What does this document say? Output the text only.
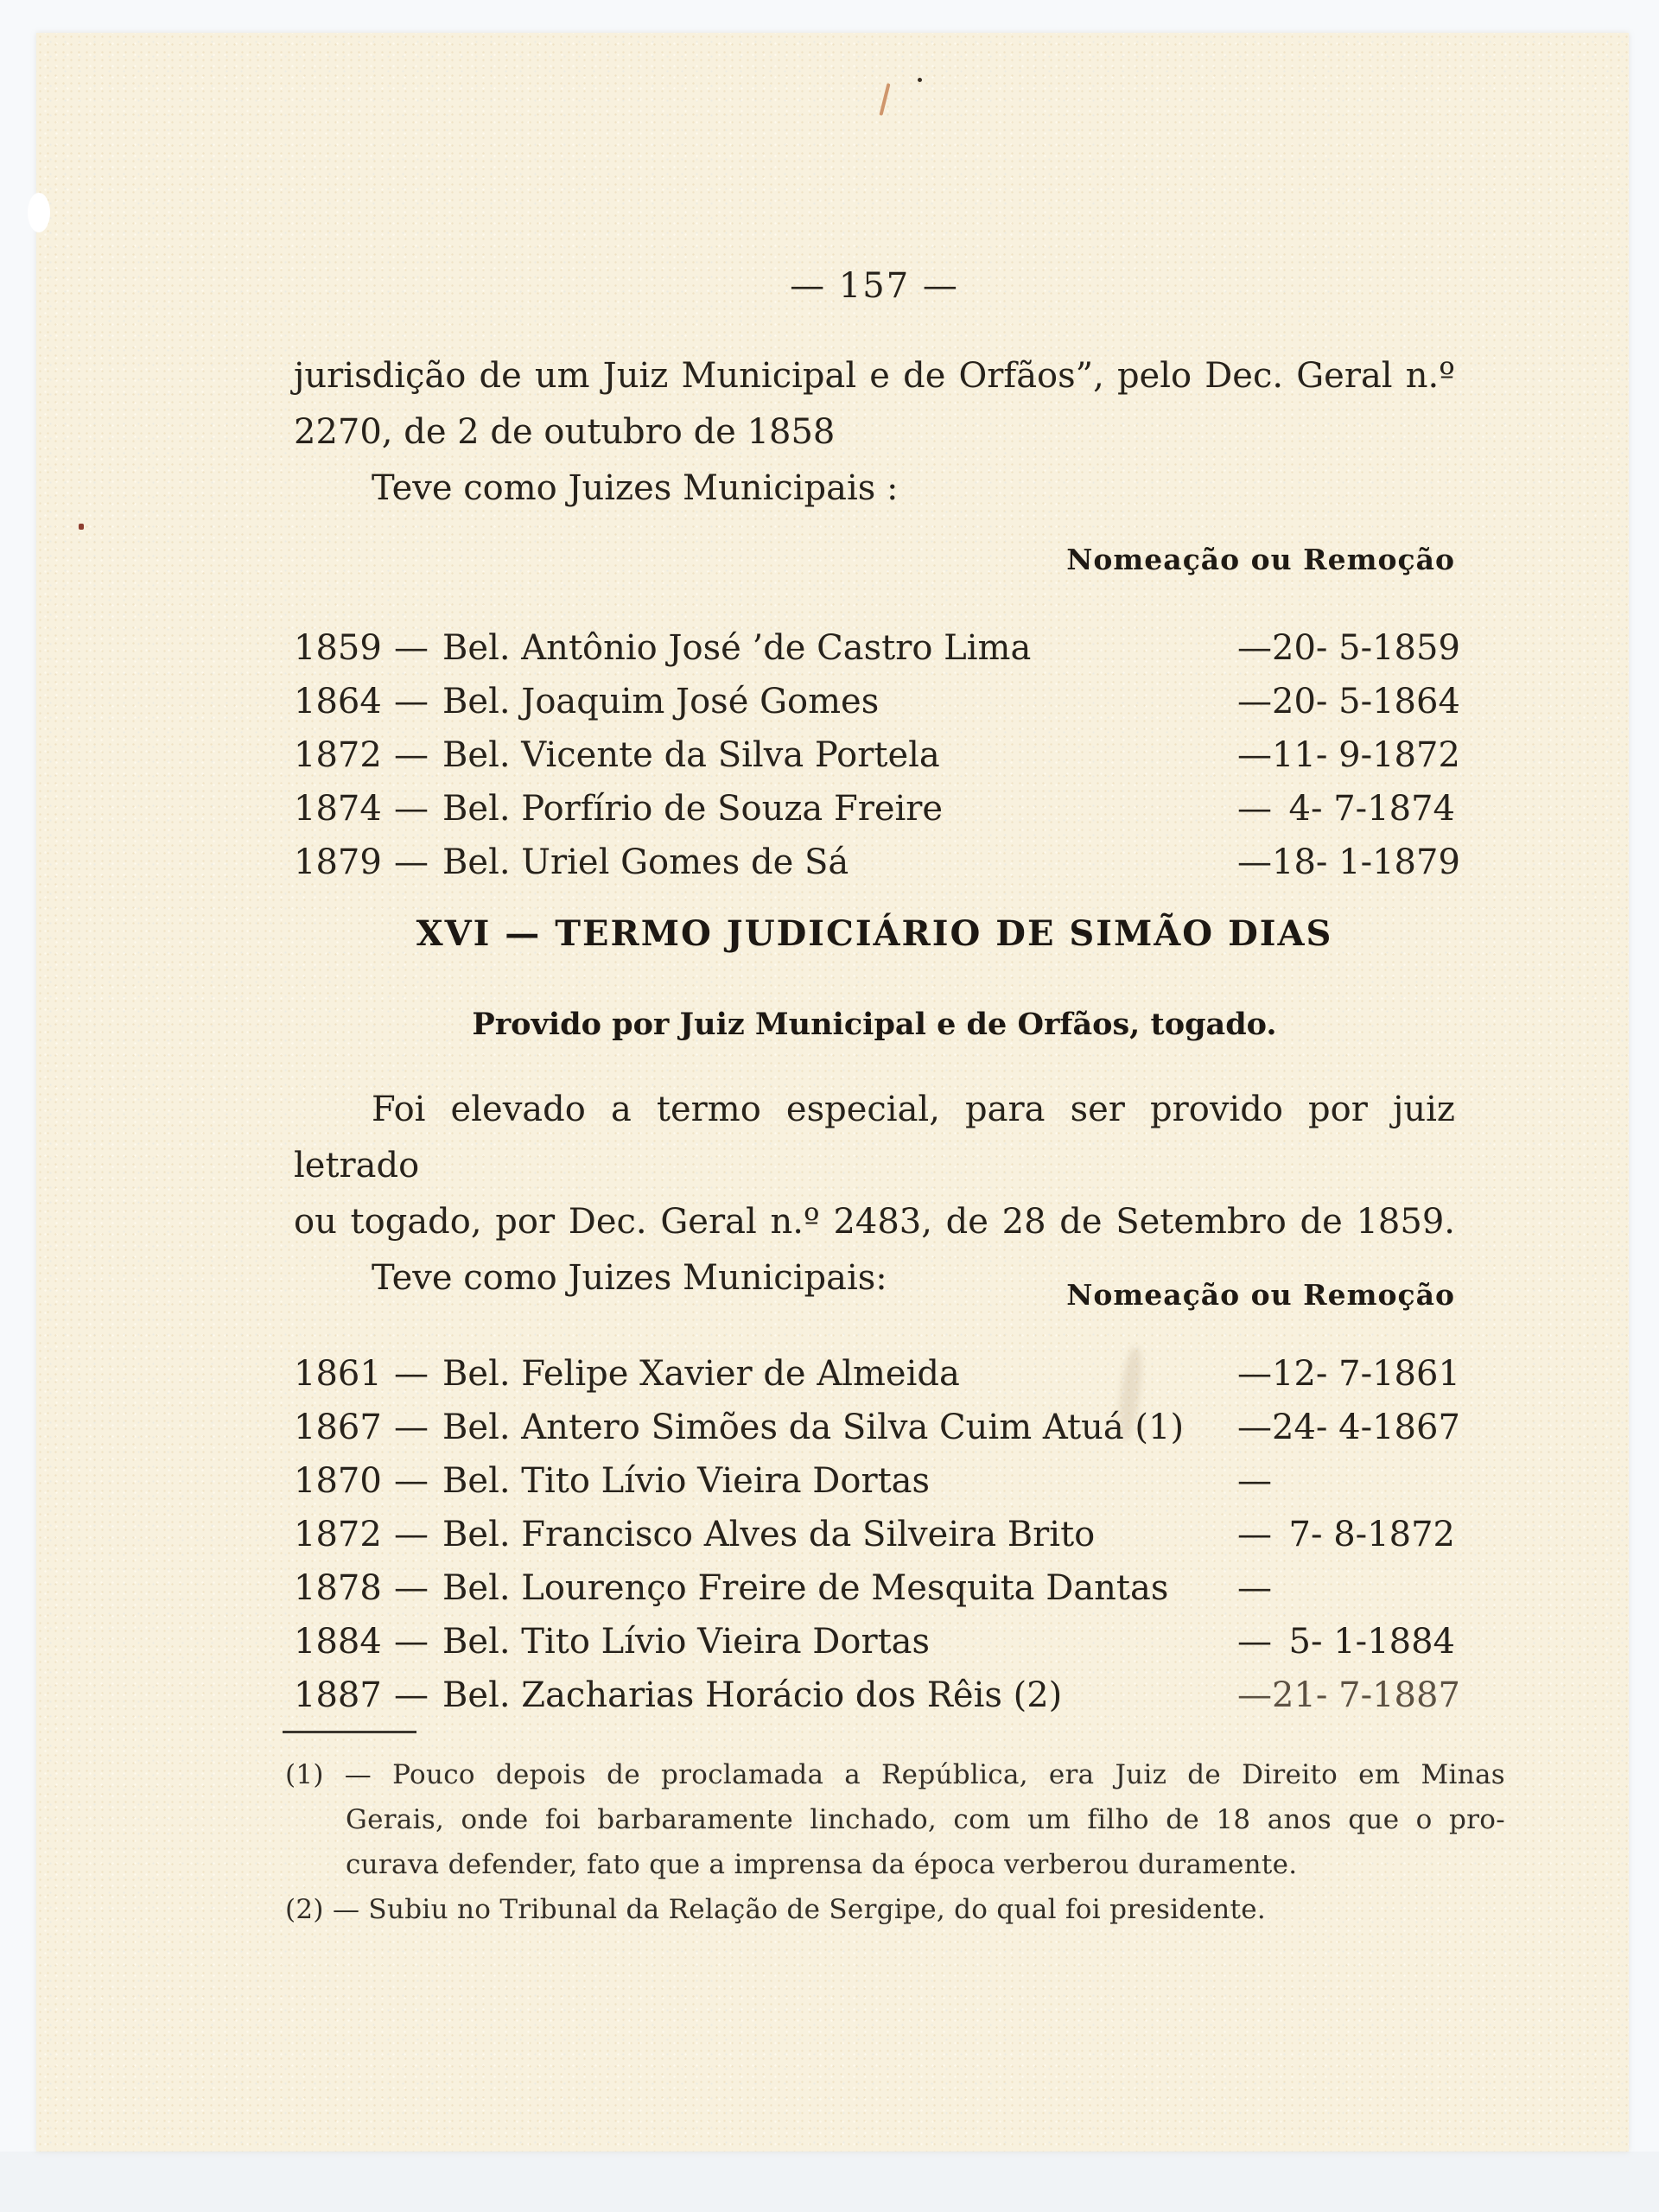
— 157 —
jurisdição de um Juiz Municipal e de Orfãos”, pelo Dec. Geral n.º
2270, de 2 de outubro de 1858
Teve como Juizes Municipais :
Nomeação ou Remoção
1859 — Bel. Antônio José ’de Castro Lima	— 20- 5-1859
1864 — Bel. Joaquim José Gomes	— 20- 5-1864
1872 — Bel. Vicente da Silva Portela	— 11- 9-1872
1874 — Bel. Porfírio de Souza Freire	— 4- 7-1874
1879 — Bel. Uriel Gomes de Sá	— 18- 1-1879
XVI — TERMO JUDICIÁRIO DE SIMÃO DIAS
Provido por Juiz Municipal e de Orfãos, togado.
Foi elevado a termo especial, para ser provido por juiz letrado
ou togado, por Dec. Geral n.º 2483, de 28 de Setembro de 1859.
Teve como Juizes Municipais:	Nomeação ou Remoção
1861 — Bel. Felipe Xavier de Almeida	— 12- 7-1861
1867 — Bel. Antero Simões da Silva Cuim Atuá (1)	— 24- 4-1867
1870 — Bel. Tito Lívio Vieira Dortas	—
1872 — Bel. Francisco Alves da Silveira Brito	— 7- 8-1872
1878 — Bel. Lourenço Freire de Mesquita Dantas	—
1884 — Bel. Tito Lívio Vieira Dortas	— 5- 1-1884
1887 — Bel. Zacharias Horácio dos Rêis (2)	— 21- 7-1887
(1) — Pouco depois de proclamada a República, era Juiz de Direito em Minas
Gerais, onde foi barbaramente linchado, com um filho de 18 anos que o pro-
curava defender, fato que a imprensa da época verberou duramente.
(2) — Subiu no Tribunal da Relação de Sergipe, do qual foi presidente.
